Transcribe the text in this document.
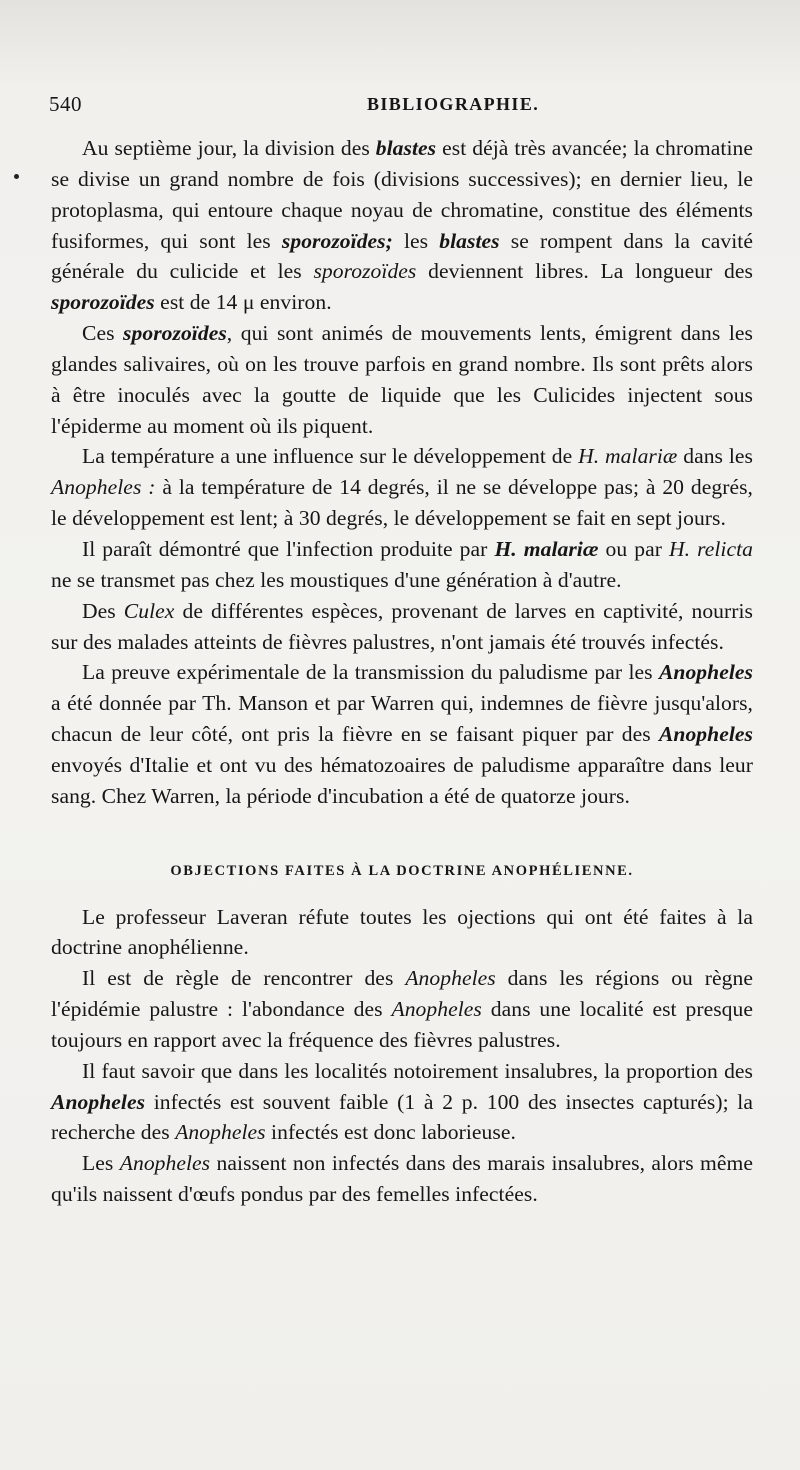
540	BIBLIOGRAPHIE.

Au septième jour, la division des blastes est déjà très avancée; la chromatine se divise un grand nombre de fois (divisions successives); en dernier lieu, le protoplasma, qui entoure chaque noyau de chromatine, constitue des éléments fusiformes, qui sont les sporozoïdes; les blastes se rompent dans la cavité générale du culicide et les sporozoïdes deviennent libres. La longueur des sporozoïdes est de 14 μ environ.

Ces sporozoïdes, qui sont animés de mouvements lents, émigrent dans les glandes salivaires, où on les trouve parfois en grand nombre. Ils sont prêts alors à être inoculés avec la goutte de liquide que les Culicides injectent sous l'épiderme au moment où ils piquent.

La température a une influence sur le développement de H. malariæ dans les Anopheles : à la température de 14 degrés, il ne se développe pas; à 20 degrés, le développement est lent; à 30 degrés, le développement se fait en sept jours.

Il paraît démontré que l'infection produite par H. malariæ ou par H. relicta ne se transmet pas chez les moustiques d'une génération à d'autre.

Des Culex de différentes espèces, provenant de larves en captivité, nourris sur des malades atteints de fièvres palustres, n'ont jamais été trouvés infectés.

La preuve expérimentale de la transmission du paludisme par les Anopheles a été donnée par Th. Manson et par Warren qui, indemnes de fièvre jusqu'alors, chacun de leur côté, ont pris la fièvre en se faisant piquer par des Anopheles envoyés d'Italie et ont vu des hématozoaires de paludisme apparaître dans leur sang. Chez Warren, la période d'incubation a été de quatorze jours.

OBJECTIONS FAITES À LA DOCTRINE ANOPHÉLIENNE.

Le professeur Laveran réfute toutes les ojections qui ont été faites à la doctrine anophélienne.

Il est de règle de rencontrer des Anopheles dans les régions ou règne l'épidémie palustre : l'abondance des Anopheles dans une localité est presque toujours en rapport avec la fréquence des fièvres palustres.

Il faut savoir que dans les localités notoirement insalubres, la proportion des Anopheles infectés est souvent faible (1 à 2 p. 100 des insectes capturés); la recherche des Anopheles infectés est donc laborieuse.

Les Anopheles naissent non infectés dans des marais insalubres, alors même qu'ils naissent d'œufs pondus par des femelles infectées.
